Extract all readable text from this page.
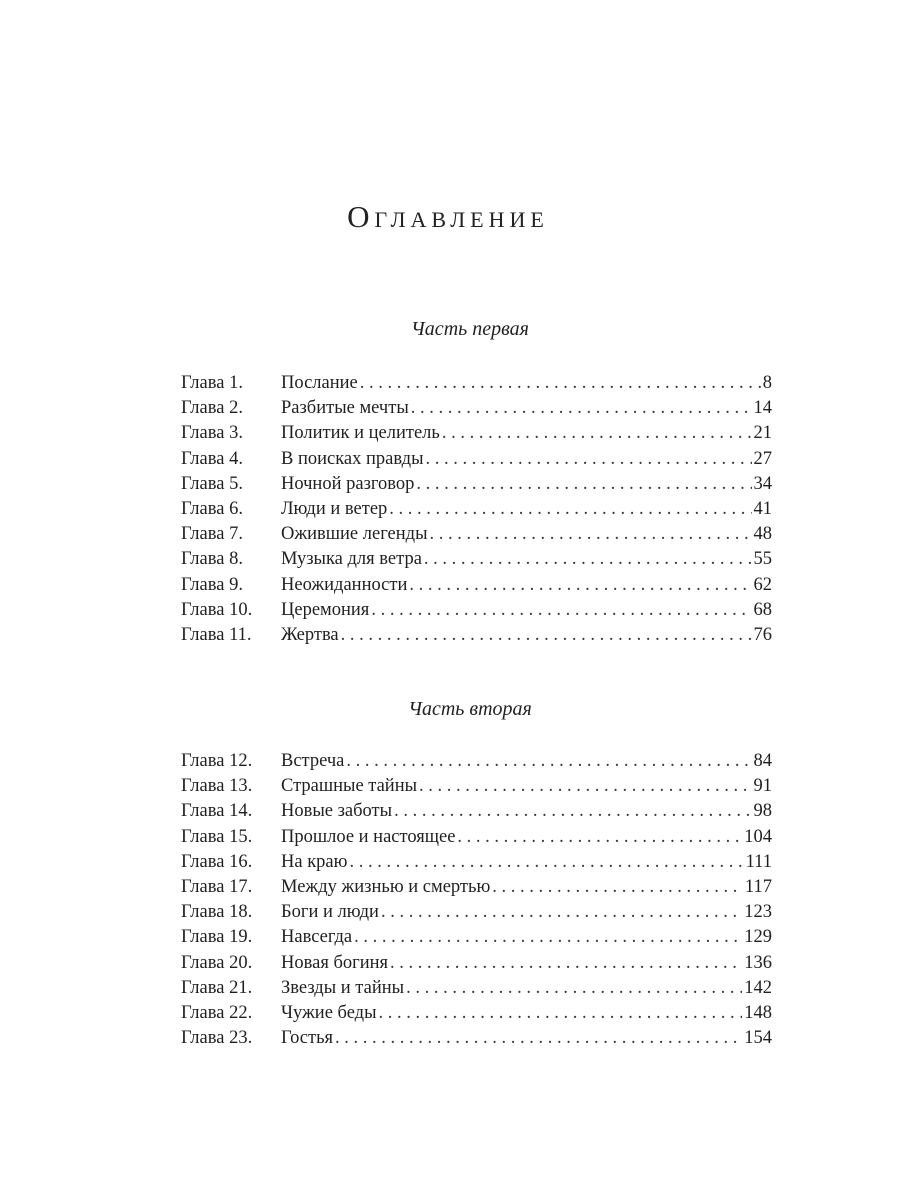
Оглавление
Часть первая
Глава 1.	Послание . . .	8
Глава 2.	Разбитые мечты . . .	14
Глава 3.	Политик и целитель . . .	21
Глава 4.	В поисках правды . . .	27
Глава 5.	Ночной разговор . . .	34
Глава 6.	Люди и ветер . . .	41
Глава 7.	Ожившие легенды . . .	48
Глава 8.	Музыка для ветра . . .	55
Глава 9.	Неожиданности . . .	62
Глава 10.	Церемония . . .	68
Глава 11.	Жертва . . .	76
Часть вторая
Глава 12.	Встреча . . .	84
Глава 13.	Страшные тайны . . .	91
Глава 14.	Новые заботы . . .	98
Глава 15.	Прошлое и настоящее . . .	104
Глава 16.	На краю . . .	111
Глава 17.	Между жизнью и смертью . . .	117
Глава 18.	Боги и люди . . .	123
Глава 19.	Навсегда . . .	129
Глава 20.	Новая богиня . . .	136
Глава 21.	Звезды и тайны . . .	142
Глава 22.	Чужие беды . . .	148
Глава 23.	Гостья . . .	154
